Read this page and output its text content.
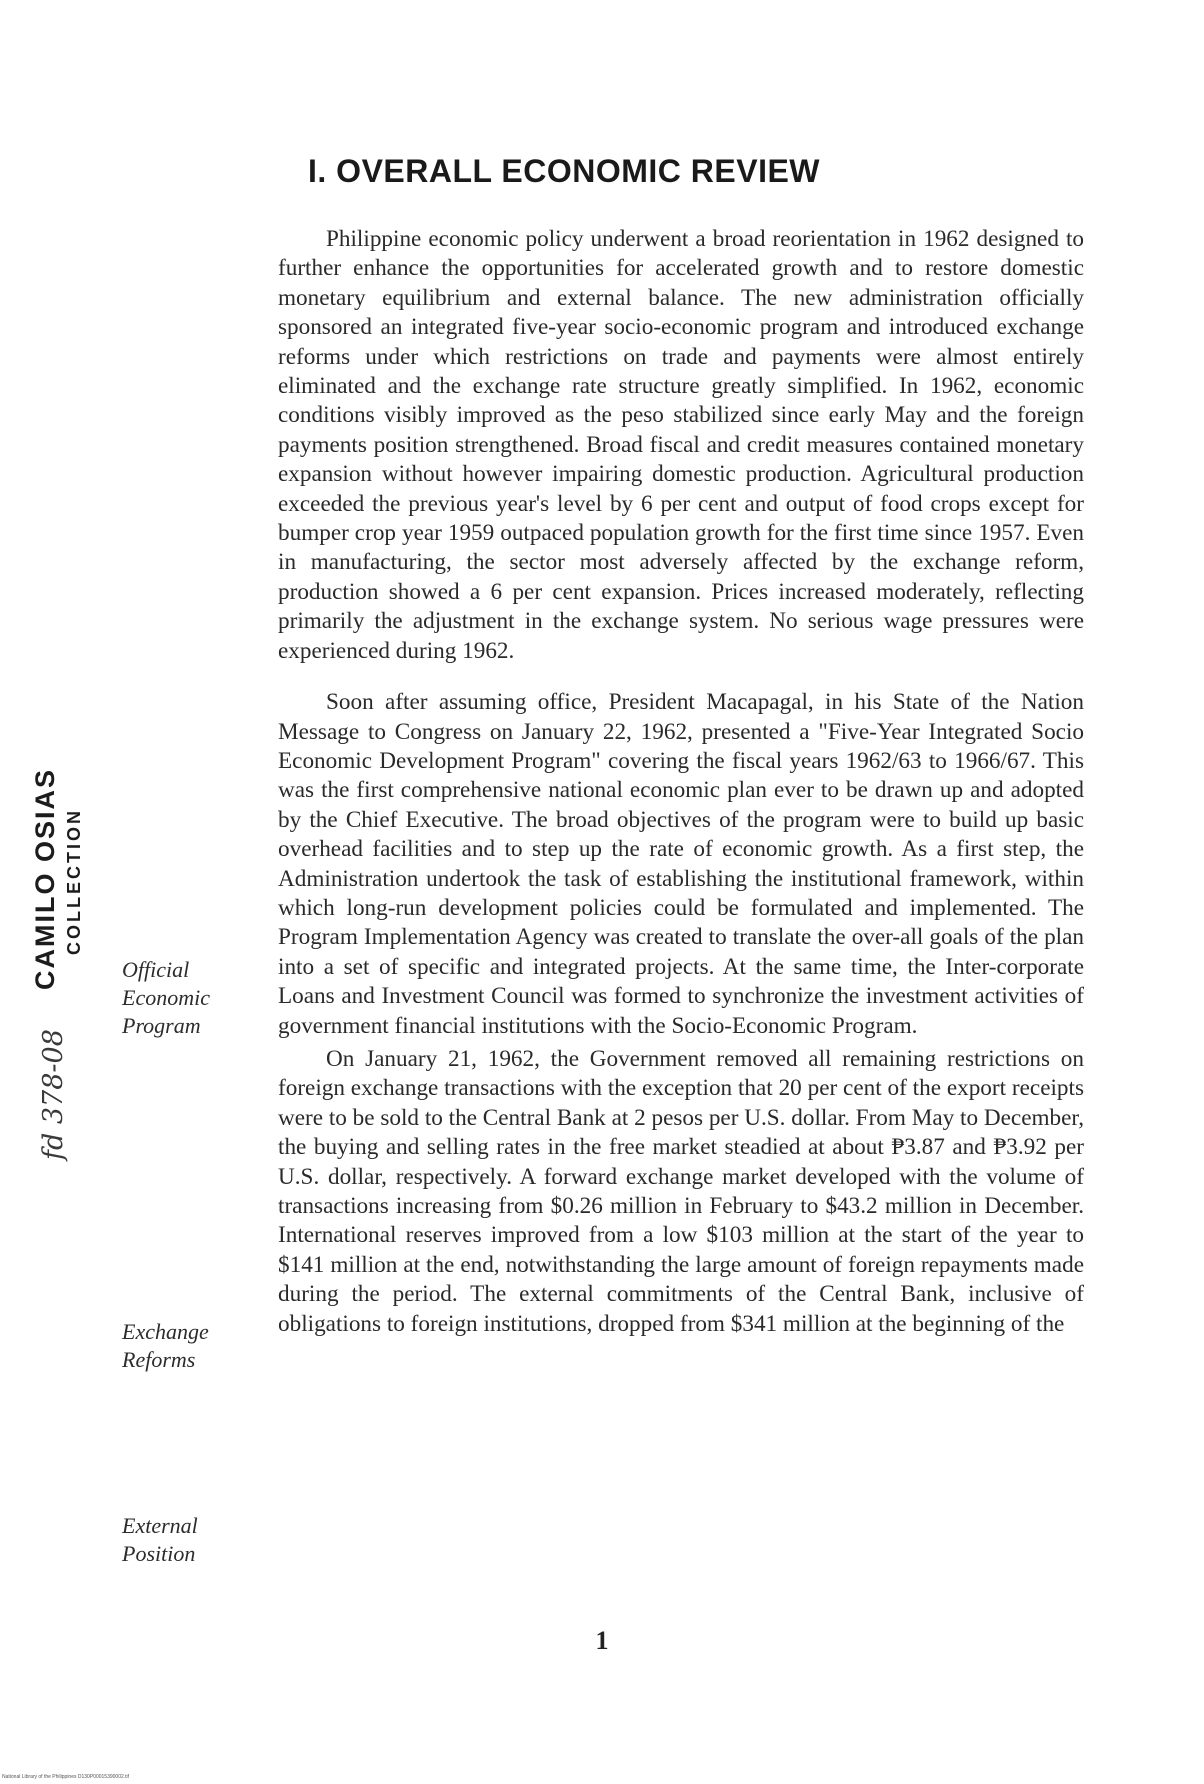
I. OVERALL ECONOMIC REVIEW

Philippine economic policy underwent a broad reorientation in 1962 designed to further enhance the opportunities for accelerated growth and to restore domestic monetary equilibrium and external balance. The new administration officially sponsored an integrated five-year socio-economic program and introduced exchange reforms under which restrictions on trade and payments were almost entirely eliminated and the exchange rate structure greatly simplified. In 1962, economic conditions visibly improved as the peso stabilized since early May and the foreign payments position strengthened. Broad fiscal and credit measures contained monetary expansion without however impairing domestic production. Agricultural production exceeded the previous year's level by 6 per cent and output of food crops except for bumper crop year 1959 outpaced population growth for the first time since 1957. Even in manufacturing, the sector most adversely affected by the exchange reform, production showed a 6 per cent expansion. Prices increased moderately, reflecting primarily the adjustment in the exchange system. No serious wage pressures were experienced during 1962.

Soon after assuming office, President Macapagal, in his State of the Nation Message to Congress on January 22, 1962, presented a "Five-Year Integrated Socio Economic Development Program" covering the fiscal years 1962/63 to 1966/67. This was the first comprehensive national economic plan ever to be drawn up and adopted by the Chief Executive. The broad objectives of the program were to build up basic overhead facilities and to step up the rate of economic growth. As a first step, the Administration undertook the task of establishing the institutional framework, within which long-run development policies could be formulated and implemented. The Program Implementation Agency was created to translate the over-all goals of the plan into a set of specific and integrated projects. At the same time, the Inter-corporate Loans and Investment Council was formed to synchronize the investment activities of government financial institutions with the Socio-Economic Program.

On January 21, 1962, the Government removed all remaining restrictions on foreign exchange transactions with the exception that 20 per cent of the export receipts were to be sold to the Central Bank at 2 pesos per U.S. dollar. From May to December, the buying and selling rates in the free market steadied at about ₱3.87 and ₱3.92 per U.S. dollar, respectively. A forward exchange market developed with the volume of transactions increasing from $0.26 million in February to $43.2 million in December. International reserves improved from a low $103 million at the start of the year to $141 million at the end, notwithstanding the large amount of foreign repayments made during the period. The external commitments of the Central Bank, inclusive of obligations to foreign institutions, dropped from $341 million at the beginning of the

Official
Economic
Program
Exchange
Reforms
External
Position
fd 378-08
CAMILO OSIAS COLLECTION
1
National Library of the Philippines D130P00015390002.tif
